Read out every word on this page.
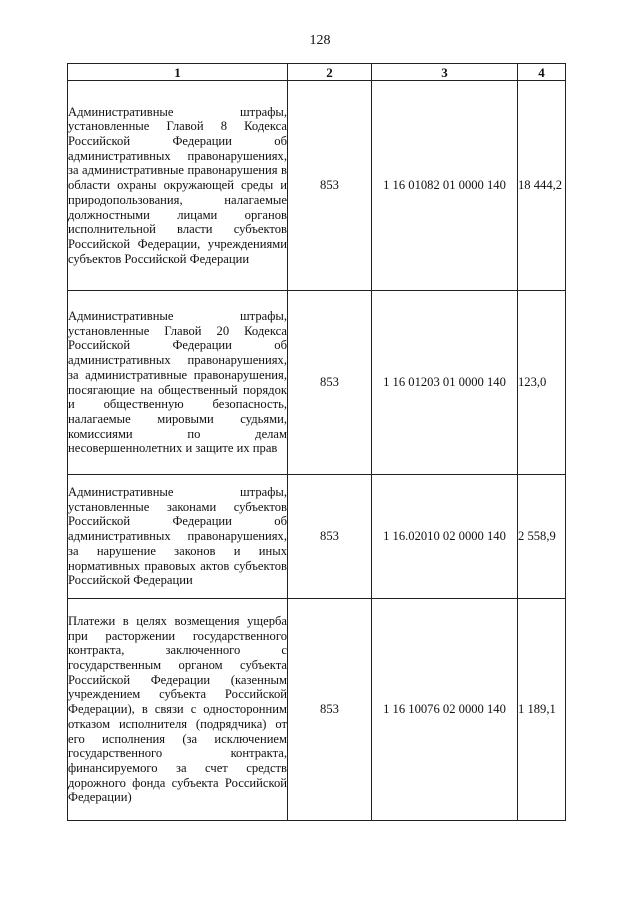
128
1	2	3	4

Административные штрафы, установленные Главой 8 Кодекса Российской Федерации об административных правонарушениях, за административные правонарушения в области охраны окружающей среды и природопользования, налагаемые должностными лицами органов исполнительной власти субъектов Российской Федерации, учреждениями субъектов Российской Федерации	853	1 16 01082 01 0000 140	18 444,2

Административные штрафы, установленные Главой 20 Кодекса Российской Федерации об административных правонарушениях, за административные правонарушения, посягающие на общественный порядок и общественную безопасность, налагаемые мировыми судьями, комиссиями по делам несовершеннолетних и защите их прав	853	1 16 01203 01 0000 140	123,0

Административные штрафы, установленные законами субъектов Российской Федерации об административных правонарушениях, за нарушение законов и иных нормативных правовых актов субъектов Российской Федерации	853	1 16.02010 02 0000 140	2 558,9

Платежи в целях возмещения ущерба при расторжении государственного контракта, заключенного с государственным органом субъекта Российской Федерации (казенным учреждением субъекта Российской Федерации), в связи с односторонним отказом исполнителя (подрядчика) от его исполнения (за исключением государственного контракта, финансируемого за счет средств дорожного фонда субъекта Российской Федерации)	853	1 16 10076 02 0000 140	1 189,1
